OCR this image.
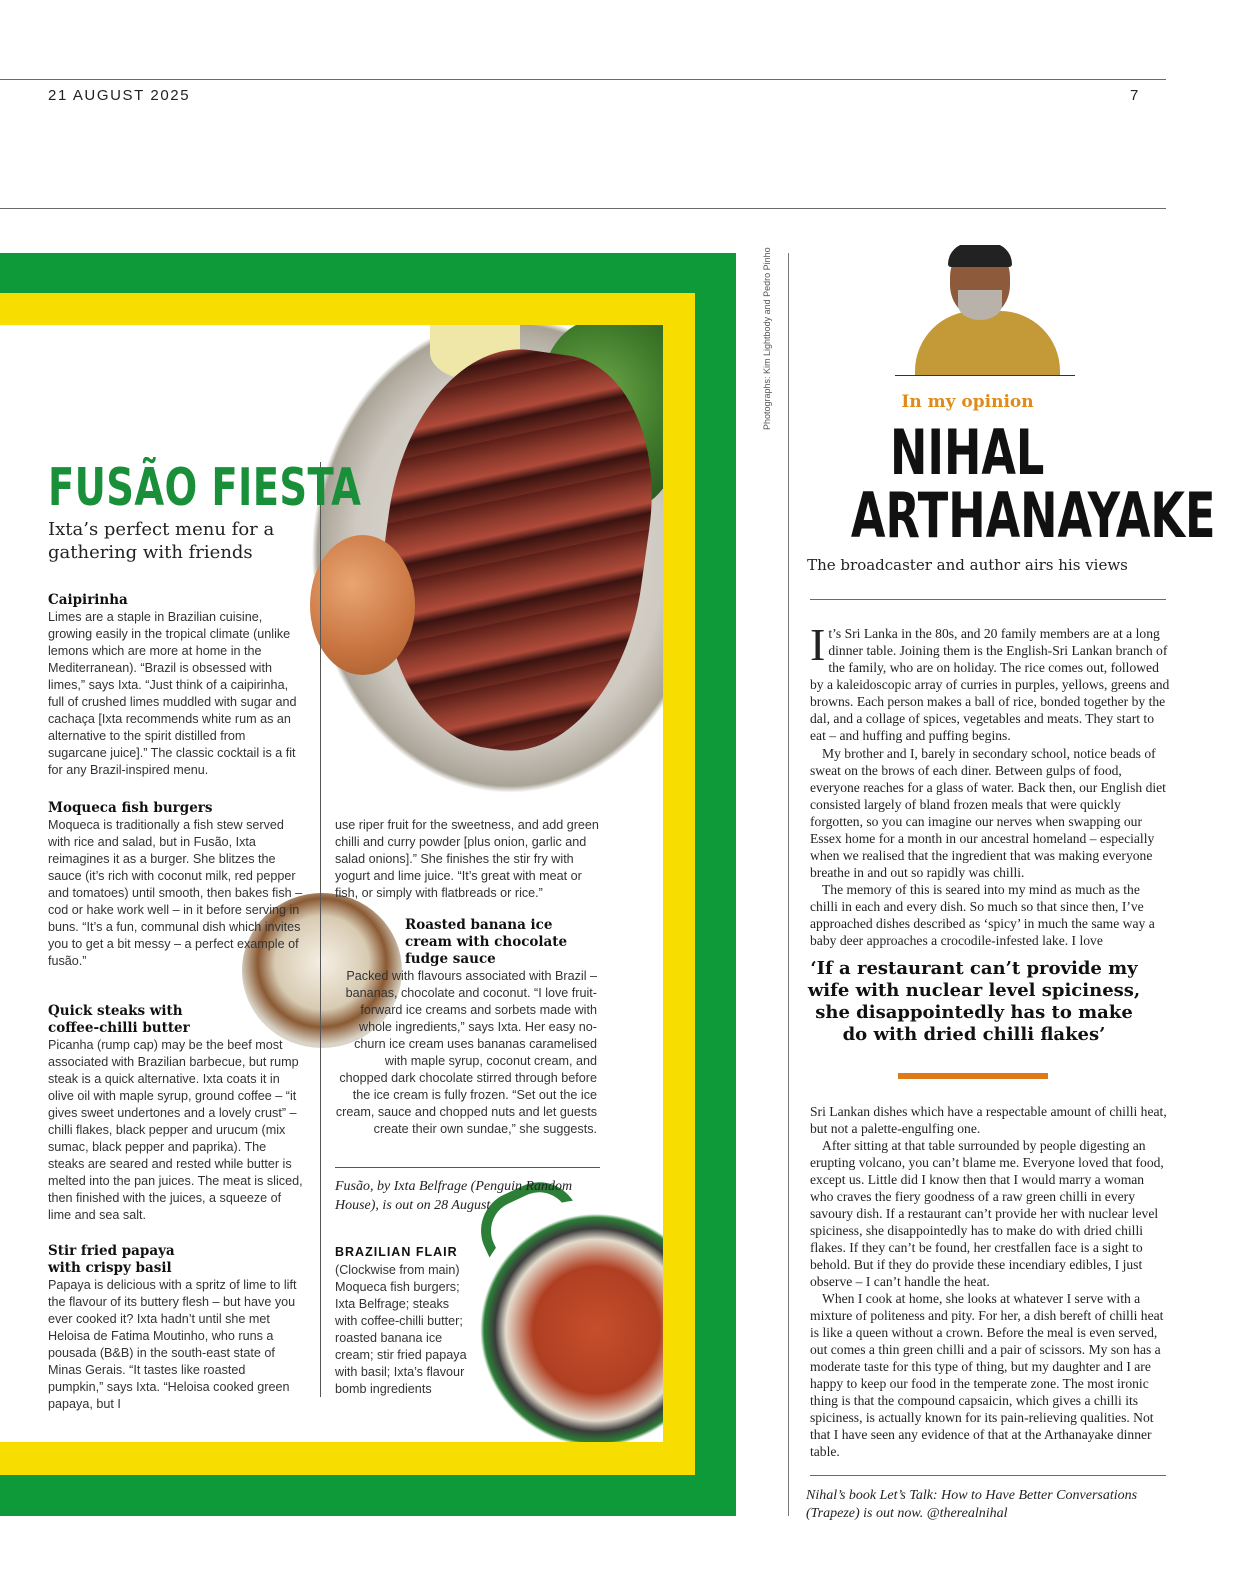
21 AUGUST 2025	7
Photographs: Kim Lightbody and Pedro Pinho
FUSÃO FIESTA
Ixta’s perfect menu for a gathering with friends
Caipirinha
Limes are a staple in Brazilian cuisine, growing easily in the tropical climate (unlike lemons which are more at home in the Mediterranean). “Brazil is obsessed with limes,” says Ixta. “Just think of a caipirinha, full of crushed limes muddled with sugar and cachaça [Ixta recommends white rum as an alternative to the spirit distilled from sugarcane juice].” The classic cocktail is a fit for any Brazil-inspired menu.
Moqueca fish burgers
Moqueca is traditionally a fish stew served with rice and salad, but in Fusão, Ixta reimagines it as a burger. She blitzes the sauce (it’s rich with coconut milk, red pepper and tomatoes) until smooth, then bakes fish – cod or hake work well – in it before serving in buns. “It’s a fun, communal dish which invites you to get a bit messy – a perfect example of fusão.”
Quick steaks with coffee-chilli butter
Picanha (rump cap) may be the beef most associated with Brazilian barbecue, but rump steak is a quick alternative. Ixta coats it in olive oil with maple syrup, ground coffee – “it gives sweet undertones and a lovely crust” – chilli flakes, black pepper and urucum (mix sumac, black pepper and paprika). The steaks are seared and rested while butter is melted into the pan juices. The meat is sliced, then finished with the juices, a squeeze of lime and sea salt.
Stir fried papaya with crispy basil
Papaya is delicious with a spritz of lime to lift the flavour of its buttery flesh – but have you ever cooked it? Ixta hadn’t until she met Heloisa de Fatima Moutinho, who runs a pousada (B&B) in the south-east state of Minas Gerais. “It tastes like roasted pumpkin,” says Ixta. “Heloisa cooked green papaya, but I
use riper fruit for the sweetness, and add green chilli and curry powder [plus onion, garlic and salad onions].” She finishes the stir fry with yogurt and lime juice. “It’s great with meat or fish, or simply with flatbreads or rice.”
Roasted banana ice cream with chocolate fudge sauce
Packed with flavours associated with Brazil – bananas, chocolate and coconut. “I love fruit-forward ice creams and sorbets made with whole ingredients,” says Ixta. Her easy no-churn ice cream uses bananas caramelised with maple syrup, coconut cream, and chopped dark chocolate stirred through before the ice cream is fully frozen. “Set out the ice cream, sauce and chopped nuts and let guests create their own sundae,” she suggests.
Fusão, by Ixta Belfrage (Penguin Random House), is out on 28 August
BRAZILIAN FLAIR
(Clockwise from main) Moqueca fish burgers; Ixta Belfrage; steaks with coffee-chilli butter; roasted banana ice cream; stir fried papaya with basil; Ixta’s flavour bomb ingredients
In my opinion
NIHAL
ARTHANAYAKE
The broadcaster and author airs his views
It’s Sri Lanka in the 80s, and 20 family members are at a long dinner table. Joining them is the English-Sri Lankan branch of the family, who are on holiday. The rice comes out, followed by a kaleidoscopic array of curries in purples, yellows, greens and browns. Each person makes a ball of rice, bonded together by the dal, and a collage of spices, vegetables and meats. They start to eat – and huffing and puffing begins.
My brother and I, barely in secondary school, notice beads of sweat on the brows of each diner. Between gulps of food, everyone reaches for a glass of water. Back then, our English diet consisted largely of bland frozen meals that were quickly forgotten, so you can imagine our nerves when swapping our Essex home for a month in our ancestral homeland – especially when we realised that the ingredient that was making everyone breathe in and out so rapidly was chilli.
The memory of this is seared into my mind as much as the chilli in each and every dish. So much so that since then, I’ve approached dishes described as ‘spicy’ in much the same way a baby deer approaches a crocodile-infested lake. I love
‘If a restaurant can’t provide my wife with nuclear level spiciness, she disappointedly has to make do with dried chilli flakes’
Sri Lankan dishes which have a respectable amount of chilli heat, but not a palette-engulfing one.
After sitting at that table surrounded by people digesting an erupting volcano, you can’t blame me. Everyone loved that food, except us. Little did I know then that I would marry a woman who craves the fiery goodness of a raw green chilli in every savoury dish. If a restaurant can’t provide her with nuclear level spiciness, she disappointedly has to make do with dried chilli flakes. If they can’t be found, her crestfallen face is a sight to behold. But if they do provide these incendiary edibles, I just observe – I can’t handle the heat.
When I cook at home, she looks at whatever I serve with a mixture of politeness and pity. For her, a dish bereft of chilli heat is like a queen without a crown. Before the meal is even served, out comes a thin green chilli and a pair of scissors. My son has a moderate taste for this type of thing, but my daughter and I are happy to keep our food in the temperate zone. The most ironic thing is that the compound capsaicin, which gives a chilli its spiciness, is actually known for its pain-relieving qualities. Not that I have seen any evidence of that at the Arthanayake dinner table.
Nihal’s book Let’s Talk: How to Have Better Conversations (Trapeze) is out now. @therealnihal
